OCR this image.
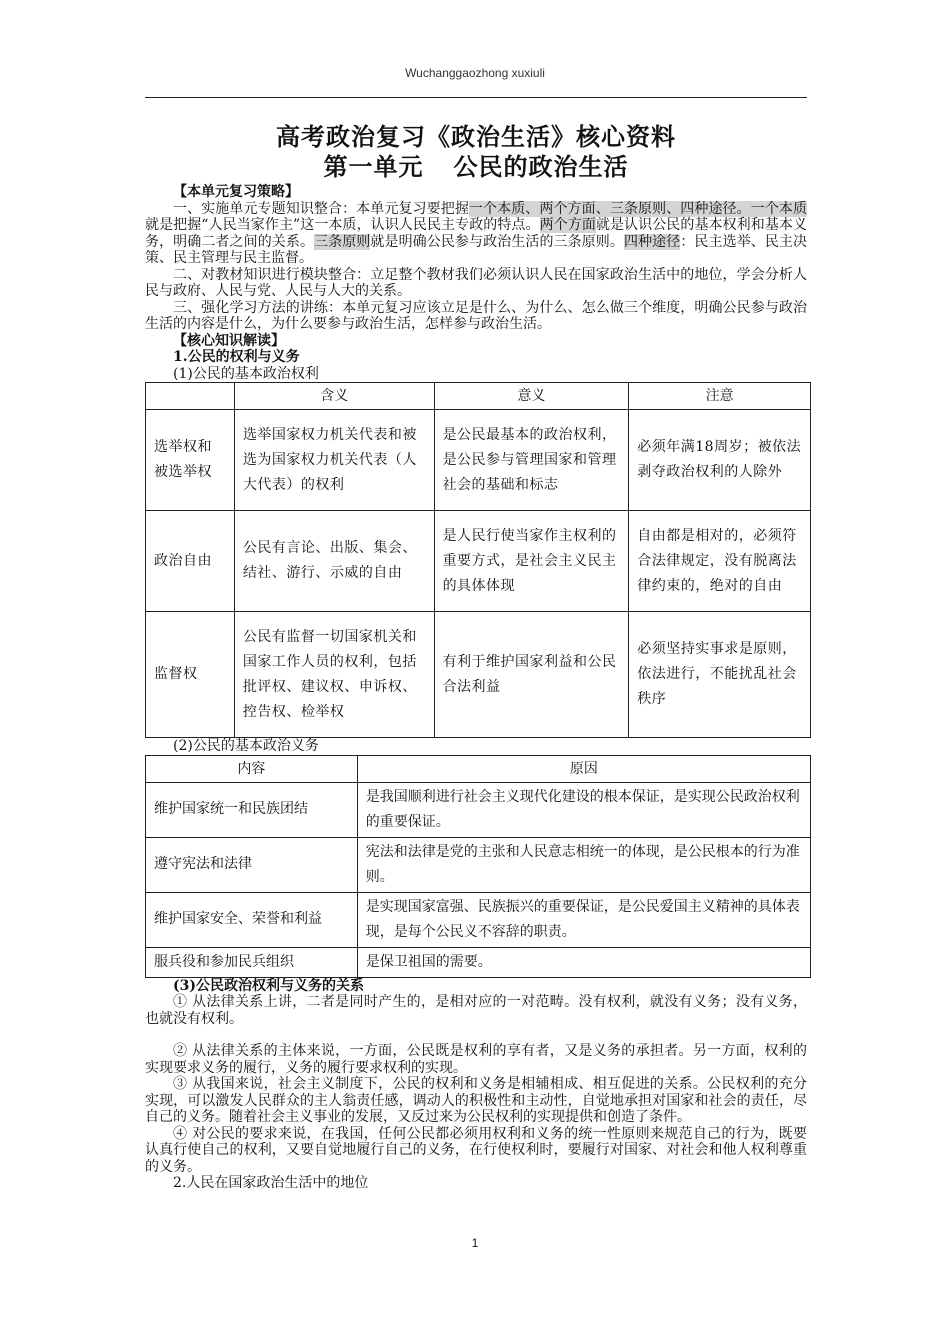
Wuchanggaozhong xuxiuli
高考政治复习《政治生活》核心资料
第一单元 公民的政治生活

【本单元复习策略】

一、实施单元专题知识整合：本单元复习要把握一个本质、两个方面、三条原则、四种途径。一个本质就是把握“人民当家作主”这一本质，认识人民民主专政的特点。两个方面就是认识公民的基本权利和基本义务，明确二者之间的关系。三条原则就是明确公民参与政治生活的三条原则。四种途径：民主选举、民主决策、民主管理与民主监督。

二、对教材知识进行模块整合：立足整个教材我们必须认识人民在国家政治生活中的地位，学会分析人民与政府、人民与党、人民与人大的关系。

三、强化学习方法的讲练：本单元复习应该立足是什么、为什么、怎么做三个维度，明确公民参与政治生活的内容是什么，为什么要参与政治生活，怎样参与政治生活。

【核心知识解读】

1.公民的权利与义务

(1)公民的基本政治权利

	含义	意义	注意
选举权和被选举权	选举国家权力机关代表和被选为国家权力机关代表（人大代表）的权利	是公民最基本的政治权利，是公民参与管理国家和管理社会的基础和标志	必须年满18周岁；被依法剥夺政治权利的人除外
政治自由	公民有言论、出版、集会、结社、游行、示威的自由	是人民行使当家作主权利的重要方式，是社会主义民主的具体体现	自由都是相对的，必须符合法律规定，没有脱离法律约束的，绝对的自由
监督权	公民有监督一切国家机关和国家工作人员的权利，包括批评权、建议权、申诉权、控告权、检举权	有利于维护国家利益和公民合法利益	必须坚持实事求是原则，依法进行，不能扰乱社会秩序

(2)公民的基本政治义务

内容	原因
维护国家统一和民族团结	是我国顺利进行社会主义现代化建设的根本保证，是实现公民政治权利的重要保证。
遵守宪法和法律	宪法和法律是党的主张和人民意志相统一的体现，是公民根本的行为准则。
维护国家安全、荣誉和利益	是实现国家富强、民族振兴的重要保证，是公民爱国主义精神的具体表现，是每个公民义不容辞的职责。
服兵役和参加民兵组织	是保卫祖国的需要。

(3)公民政治权利与义务的关系

① 从法律关系上讲，二者是同时产生的，是相对应的一对范畴。没有权利，就没有义务；没有义务，也就没有权利。

② 从法律关系的主体来说，一方面，公民既是权利的享有者，又是义务的承担者。另一方面，权利的实现要求义务的履行，义务的履行要求权利的实现。

③ 从我国来说，社会主义制度下，公民的权利和义务是相辅相成、相互促进的关系。公民权利的充分实现，可以激发人民群众的主人翁责任感，调动人的积极性和主动性，自觉地承担对国家和社会的责任，尽自己的义务。随着社会主义事业的发展，又反过来为公民权利的实现提供和创造了条件。

④ 对公民的要求来说，在我国，任何公民都必须用权利和义务的统一性原则来规范自己的行为，既要认真行使自己的权利，又要自觉地履行自己的义务，在行使权利时，要履行对国家、对社会和他人权利尊重的义务。

2.人民在国家政治生活中的地位

1
